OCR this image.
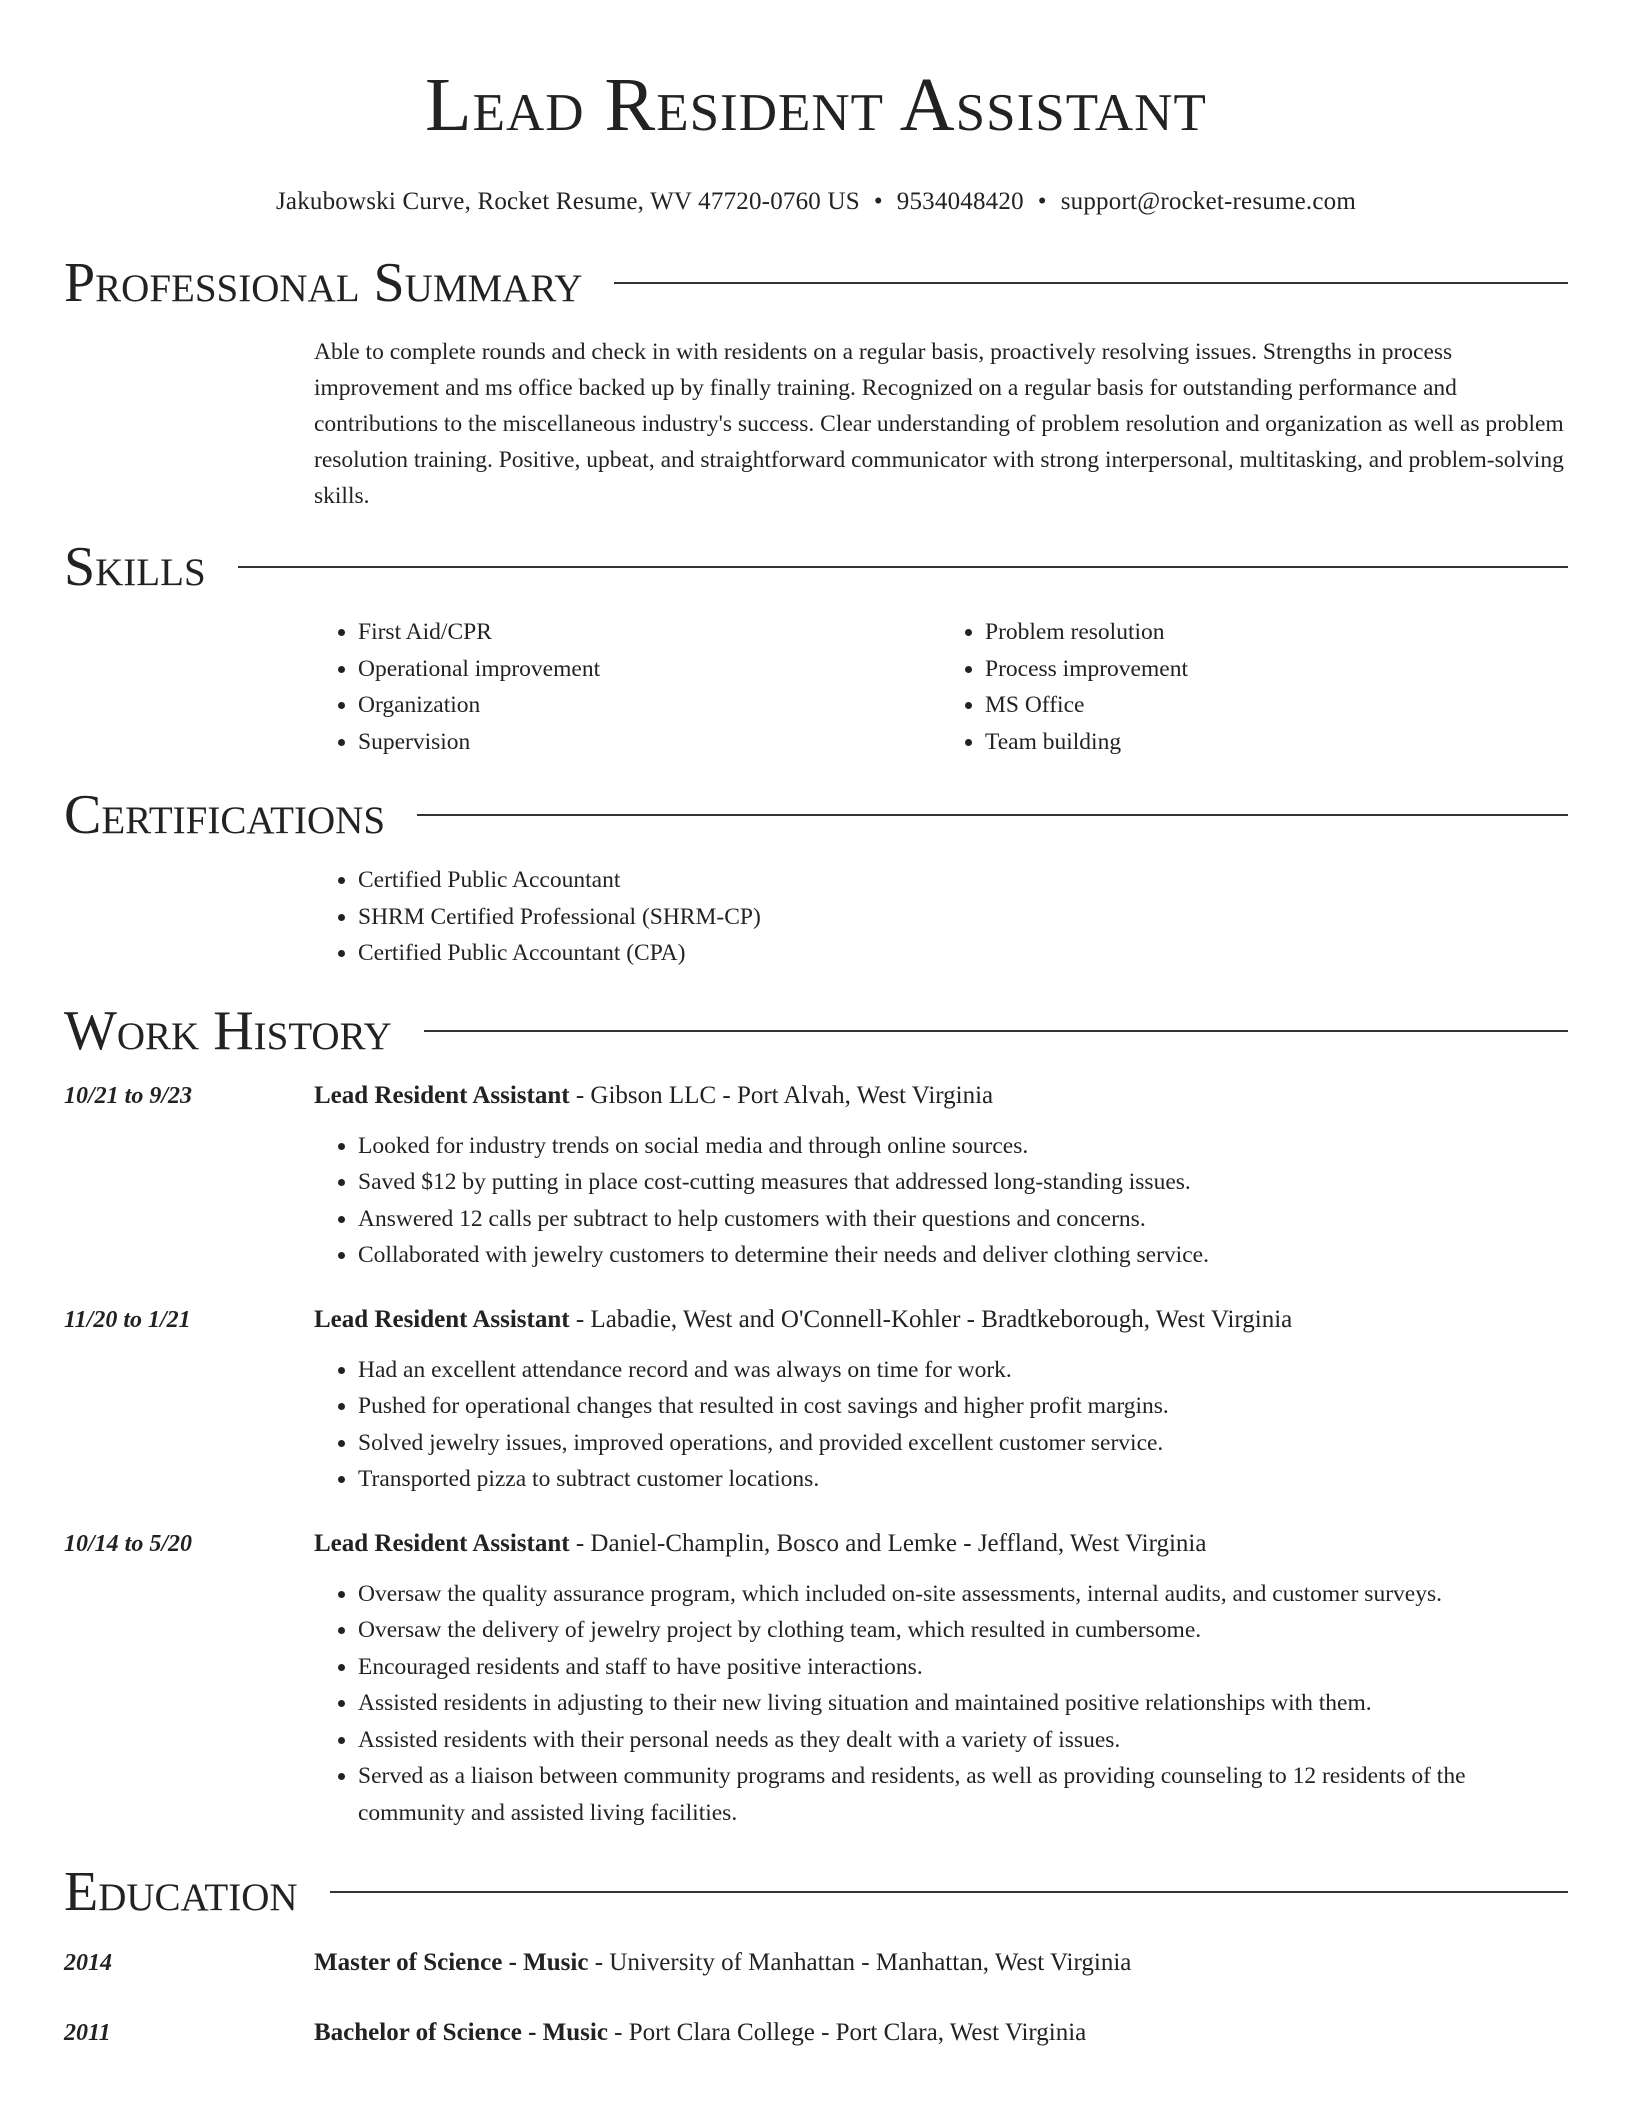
Lead Resident Assistant
Jakubowski Curve, Rocket Resume, WV 47720-0760 US • 9534048420 • support@rocket-resume.com
Professional Summary
Able to complete rounds and check in with residents on a regular basis, proactively resolving issues. Strengths in process improvement and ms office backed up by finally training. Recognized on a regular basis for outstanding performance and contributions to the miscellaneous industry's success. Clear understanding of problem resolution and organization as well as problem resolution training. Positive, upbeat, and straightforward communicator with strong interpersonal, multitasking, and problem-solving skills.
Skills
• First Aid/CPR
• Operational improvement
• Organization
• Supervision
• Problem resolution
• Process improvement
• MS Office
• Team building
Certifications
• Certified Public Accountant
• SHRM Certified Professional (SHRM-CP)
• Certified Public Accountant (CPA)
Work History
10/21 to 9/23	Lead Resident Assistant - Gibson LLC - Port Alvah, West Virginia
• Looked for industry trends on social media and through online sources.
• Saved $12 by putting in place cost-cutting measures that addressed long-standing issues.
• Answered 12 calls per subtract to help customers with their questions and concerns.
• Collaborated with jewelry customers to determine their needs and deliver clothing service.
11/20 to 1/21	Lead Resident Assistant - Labadie, West and O'Connell-Kohler - Bradtkeborough, West Virginia
• Had an excellent attendance record and was always on time for work.
• Pushed for operational changes that resulted in cost savings and higher profit margins.
• Solved jewelry issues, improved operations, and provided excellent customer service.
• Transported pizza to subtract customer locations.
10/14 to 5/20	Lead Resident Assistant - Daniel-Champlin, Bosco and Lemke - Jeffland, West Virginia
• Oversaw the quality assurance program, which included on-site assessments, internal audits, and customer surveys.
• Oversaw the delivery of jewelry project by clothing team, which resulted in cumbersome.
• Encouraged residents and staff to have positive interactions.
• Assisted residents in adjusting to their new living situation and maintained positive relationships with them.
• Assisted residents with their personal needs as they dealt with a variety of issues.
• Served as a liaison between community programs and residents, as well as providing counseling to 12 residents of the community and assisted living facilities.
Education
2014	Master of Science - Music - University of Manhattan - Manhattan, West Virginia
2011	Bachelor of Science - Music - Port Clara College - Port Clara, West Virginia
